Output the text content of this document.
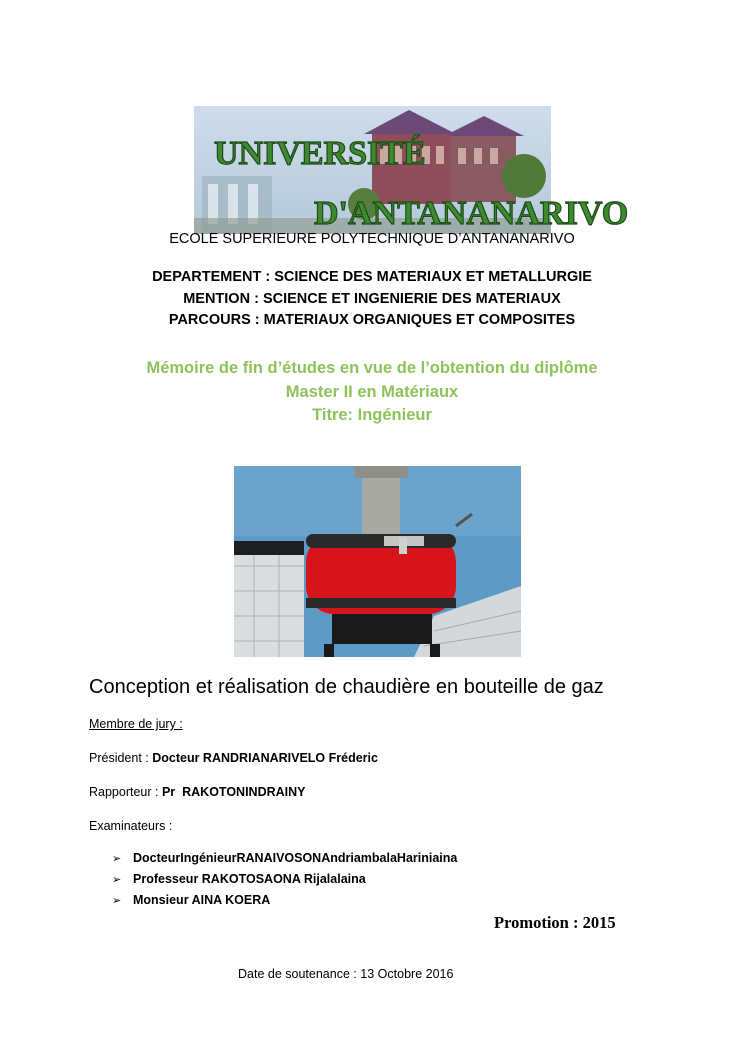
UNIVERSITÉ
D'ANTANANARIVO
ECOLE SUPERIEURE POLYTECHNIQUE D’ANTANANARIVO
DEPARTEMENT : SCIENCE DES MATERIAUX ET METALLURGIE
MENTION : SCIENCE ET INGENIERIE DES MATERIAUX
PARCOURS : MATERIAUX ORGANIQUES ET COMPOSITES
Mémoire de fin d’études en vue de l’obtention du diplôme
Master II en Matériaux
Titre: Ingénieur
Conception et réalisation de chaudière en bouteille de gaz
Membre de jury :
Président : Docteur RANDRIANARIVELO Fréderic
Rapporteur : Pr  RAKOTONINDRAINY
Examinateurs :
➢ DocteurIngénieurRANAIVOSONAndriambalaHariniaina
➢ Professeur RAKOTOSAONA Rijalalaina
➢ Monsieur AINA KOERA
Promotion : 2015
Date de soutenance : 13 Octobre 2016
